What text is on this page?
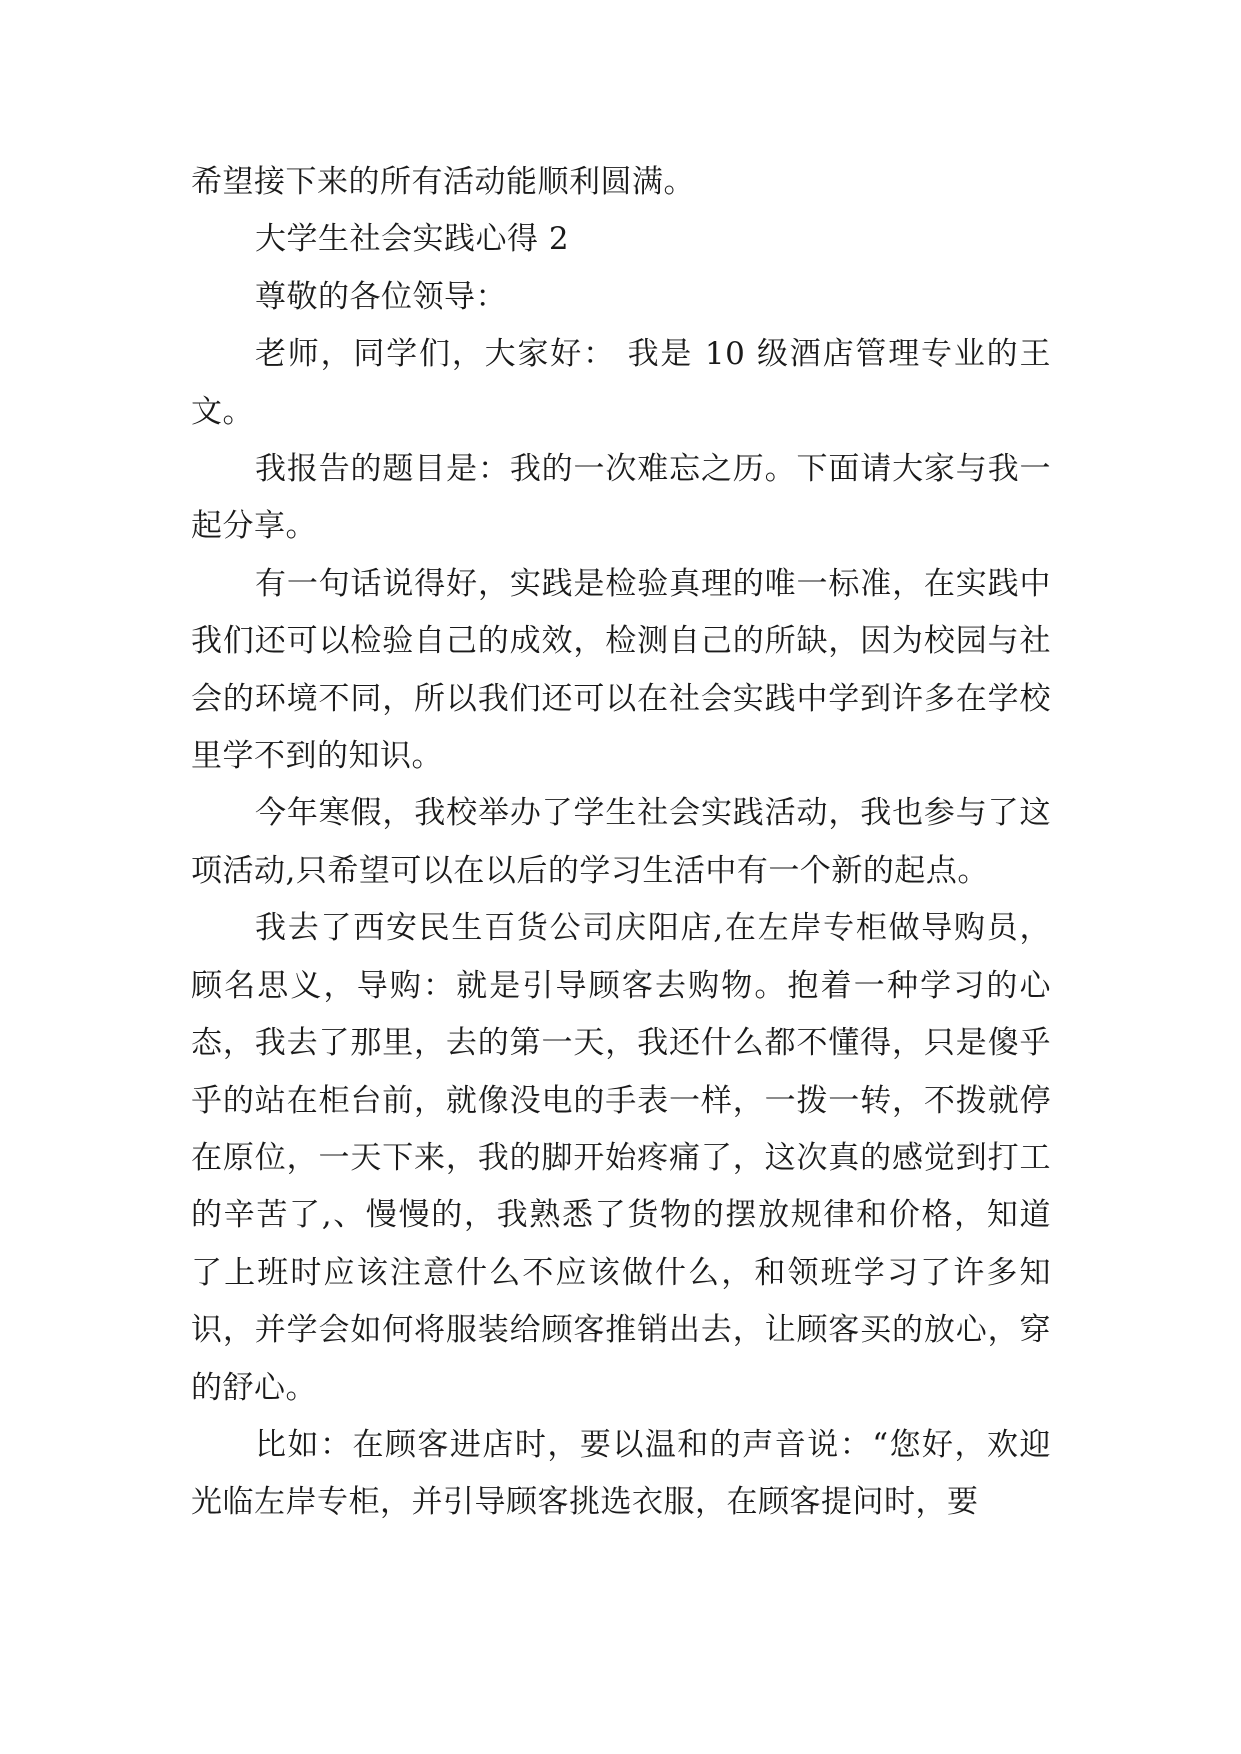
希望接下来的所有活动能顺利圆满。

大学生社会实践心得 2

尊敬的各位领导：

老师，同学们，大家好： 我是 10 级酒店管理专业的王文。

我报告的题目是：我的一次难忘之历。下面请大家与我一起分享。

有一句话说得好，实践是检验真理的唯一标准，在实践中我们还可以检验自己的成效，检测自己的所缺，因为校园与社会的环境不同，所以我们还可以在社会实践中学到许多在学校里学不到的知识。

今年寒假，我校举办了学生社会实践活动，我也参与了这项活动,只希望可以在以后的学习生活中有一个新的起点。

我去了西安民生百货公司庆阳店,在左岸专柜做导购员，顾名思义，导购：就是引导顾客去购物。抱着一种学习的心态，我去了那里，去的第一天，我还什么都不懂得，只是傻乎乎的站在柜台前，就像没电的手表一样，一拨一转，不拨就停在原位，一天下来，我的脚开始疼痛了，这次真的感觉到打工的辛苦了,、慢慢的，我熟悉了货物的摆放规律和价格，知道了上班时应该注意什么不应该做什么，和领班学习了许多知识，并学会如何将服装给顾客推销出去，让顾客买的放心，穿的舒心。

比如：在顾客进店时，要以温和的声音说：“您好，欢迎光临左岸专柜，并引导顾客挑选衣服，在顾客提问时，要
